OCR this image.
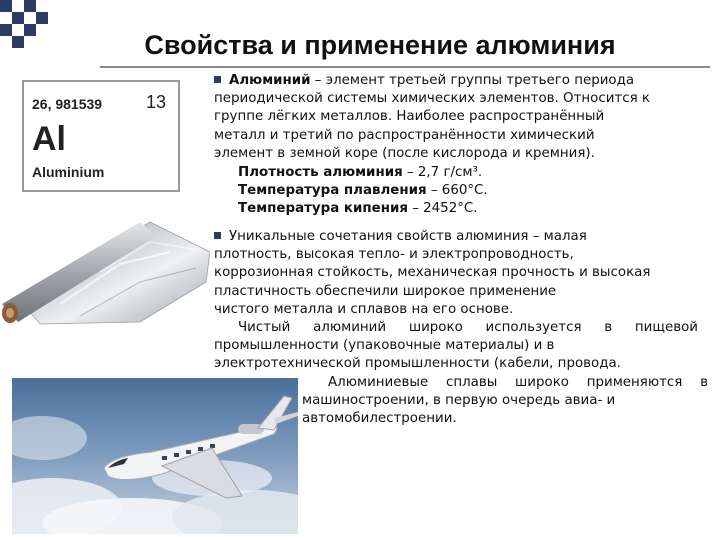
Свойства и применение алюминия
26, 981539 13
Al
Aluminium
Алюминий – элемент третьей группы третьего периода
периодической системы химических элементов. Относится к
группе лёгких металлов. Наиболее распространённый
металл и третий по распространённости химический
элемент в земной коре (после кислорода и кремния).
Плотность алюминия – 2,7 г/см³.
Температура плавления – 660°С.
Температура кипения – 2452°С.
Уникальные сочетания свойств алюминия – малая
плотность, высокая тепло- и электропроводность,
коррозионная стойкость, механическая прочность и высокая
пластичность обеспечили широкое применение
чистого металла и сплавов на его основе.
Чистый алюминий широко используется в пищевой
промышленности (упаковочные материалы) и в
электротехнической промышленности (кабели, провода.
Алюминиевые сплавы широко применяются в
машиностроении, в первую очередь авиа- и
автомобилестроении.
